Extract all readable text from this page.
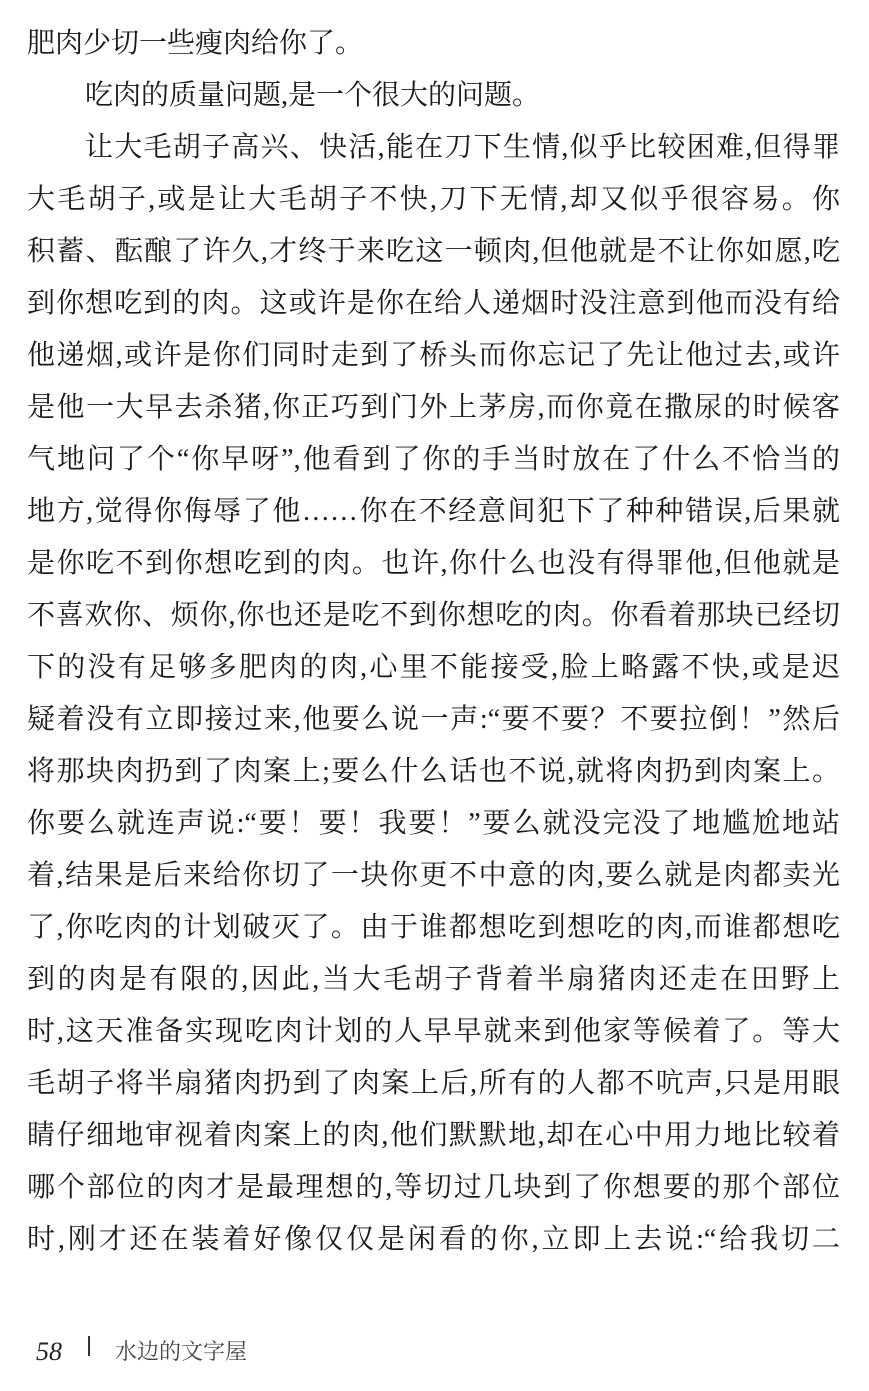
肥肉少切一些瘦肉给你了。
吃肉的质量问题,是一个很大的问题。
让大毛胡子高兴、快活,能在刀下生情,似乎比较困难,但得罪
大毛胡子,或是让大毛胡子不快,刀下无情,却又似乎很容易。你
积蓄、酝酿了许久,才终于来吃这一顿肉,但他就是不让你如愿,吃
到你想吃到的肉。这或许是你在给人递烟时没注意到他而没有给
他递烟,或许是你们同时走到了桥头而你忘记了先让他过去,或许
是他一大早去杀猪,你正巧到门外上茅房,而你竟在撒尿的时候客
气地问了个“你早呀”,他看到了你的手当时放在了什么不恰当的
地方,觉得你侮辱了他……你在不经意间犯下了种种错误,后果就
是你吃不到你想吃到的肉。也许,你什么也没有得罪他,但他就是
不喜欢你、烦你,你也还是吃不到你想吃的肉。你看着那块已经切
下的没有足够多肥肉的肉,心里不能接受,脸上略露不快,或是迟
疑着没有立即接过来,他要么说一声:“要不要？不要拉倒！”然后
将那块肉扔到了肉案上;要么什么话也不说,就将肉扔到肉案上。
你要么就连声说:“要！要！我要！”要么就没完没了地尴尬地站
着,结果是后来给你切了一块你更不中意的肉,要么就是肉都卖光
了,你吃肉的计划破灭了。由于谁都想吃到想吃的肉,而谁都想吃
到的肉是有限的,因此,当大毛胡子背着半扇猪肉还走在田野上
时,这天准备实现吃肉计划的人早早就来到他家等候着了。等大
毛胡子将半扇猪肉扔到了肉案上后,所有的人都不吭声,只是用眼
睛仔细地审视着肉案上的肉,他们默默地,却在心中用力地比较着
哪个部位的肉才是最理想的,等切过几块到了你想要的那个部位
时,刚才还在装着好像仅仅是闲看的你,立即上去说:“给我切二
58 水边的文字屋
